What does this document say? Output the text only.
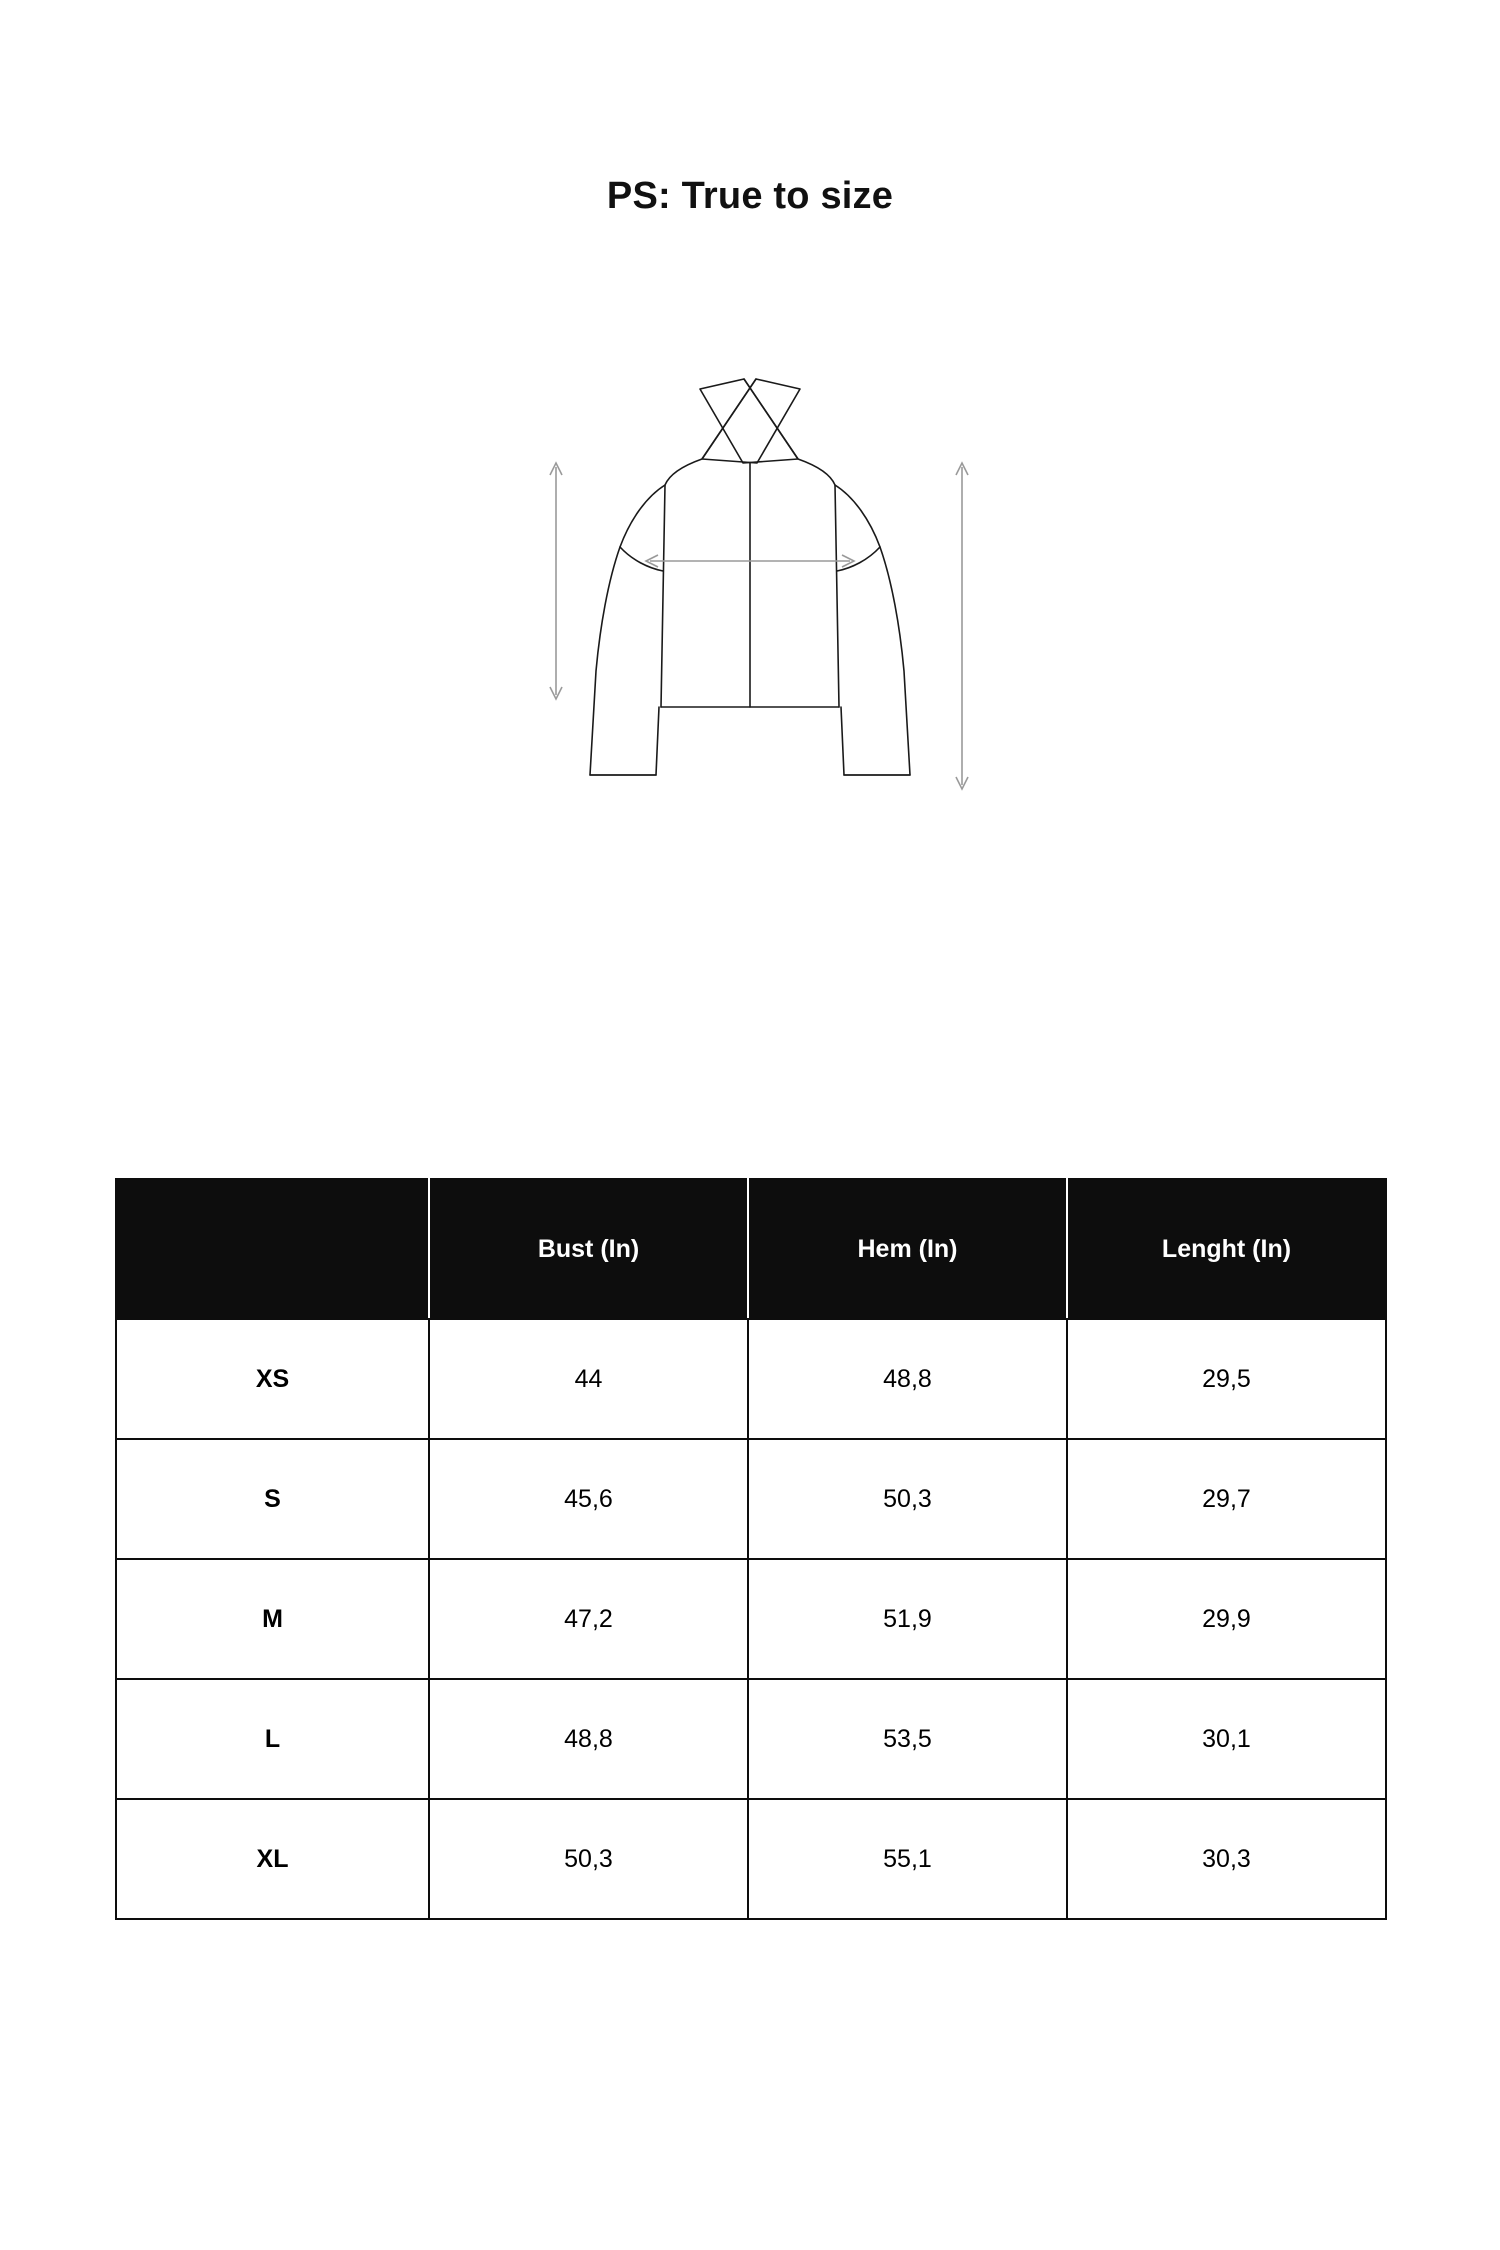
PS: True to size
	Bust (In)	Hem (In)	Lenght (In)
XS	44	48,8	29,5
S	45,6	50,3	29,7
M	47,2	51,9	29,9
L	48,8	53,5	30,1
XL	50,3	55,1	30,3
